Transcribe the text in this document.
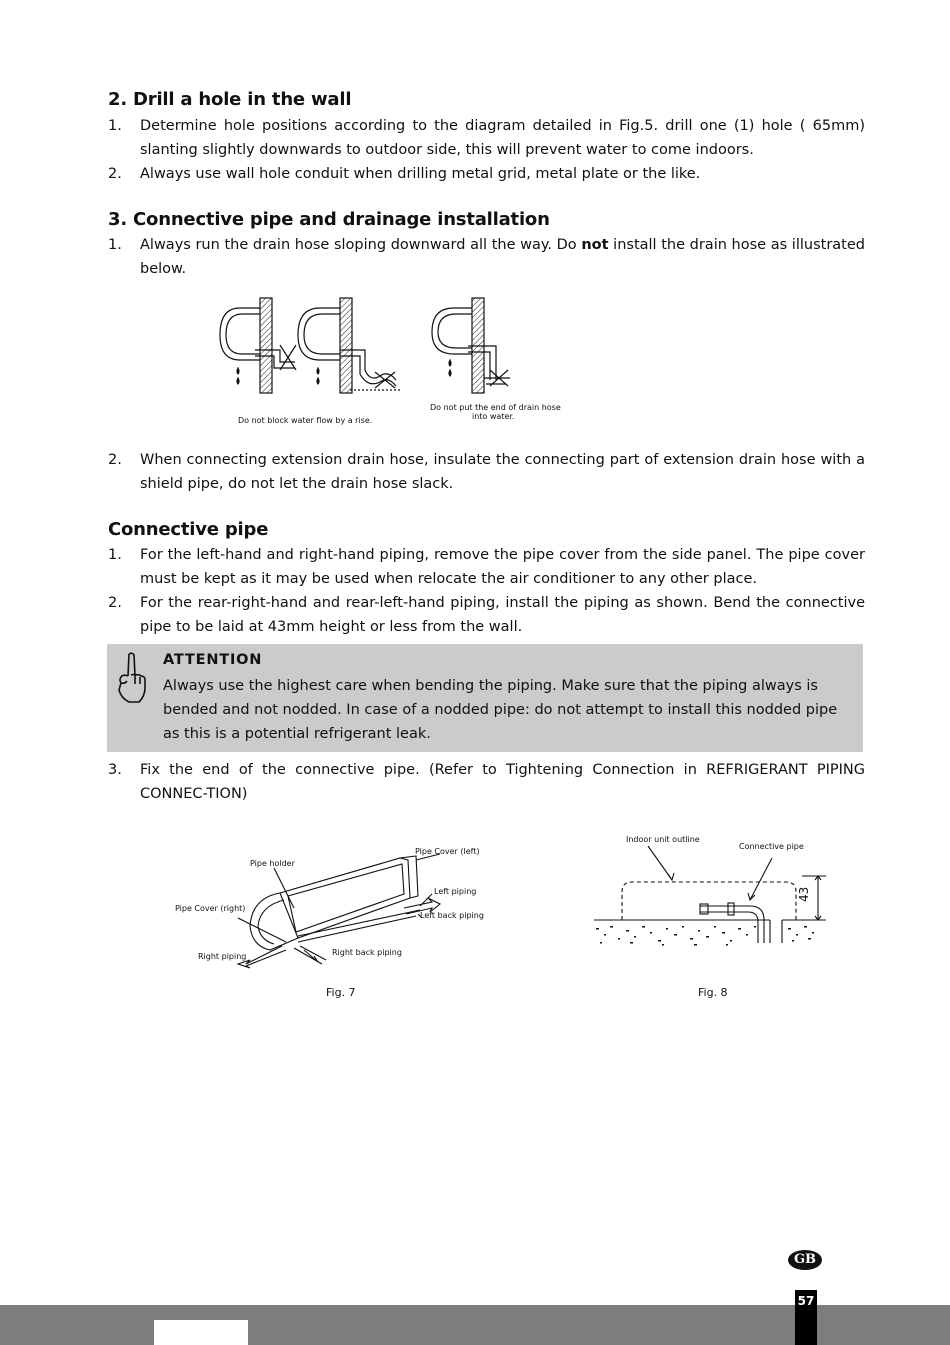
2. Drill a hole in the wall
1.	Determine hole positions according to the diagram detailed in Fig.5. drill one (1) hole ( 65mm) slanting slightly downwards to outdoor side, this will prevent water to come indoors.
2.	Always use wall hole conduit when drilling metal grid, metal plate or the like.
3. Connective pipe and drainage installation
1.	Always run the drain hose sloping downward all the way. Do not install the drain hose as illustrated below.
Do not block water flow by a rise.
Do not put the end of drain hose
into water.
2.	When connecting extension drain hose, insulate the connecting part of extension drain hose with a shield pipe, do not let the drain hose slack.
Connective pipe
1.	For the left-hand and right-hand piping, remove the pipe cover from the side panel. The pipe cover must be kept as it may be used when relocate the air conditioner to any other place.
2.	For the rear-right-hand and rear-left-hand piping, install the piping as shown. Bend the connective pipe to be laid at 43mm height or less from the wall.
ATTENTION
Always use the highest care when bending the piping. Make sure that the piping always is bended and not nodded. In case of a nodded pipe: do not attempt to install this nodded pipe as this is a potential refrigerant leak.
3.	Fix the end of the connective pipe. (Refer to Tightening Connection in REFRIGERANT PIPING CONNEC-TION)
Pipe holder
Pipe Cover (left)
Left piping
Left back piping
Pipe Cover (right)
Right piping	Right back piping
Fig. 7
Indoor unit outline
Connective pipe
43
Fig. 8
GB
57
